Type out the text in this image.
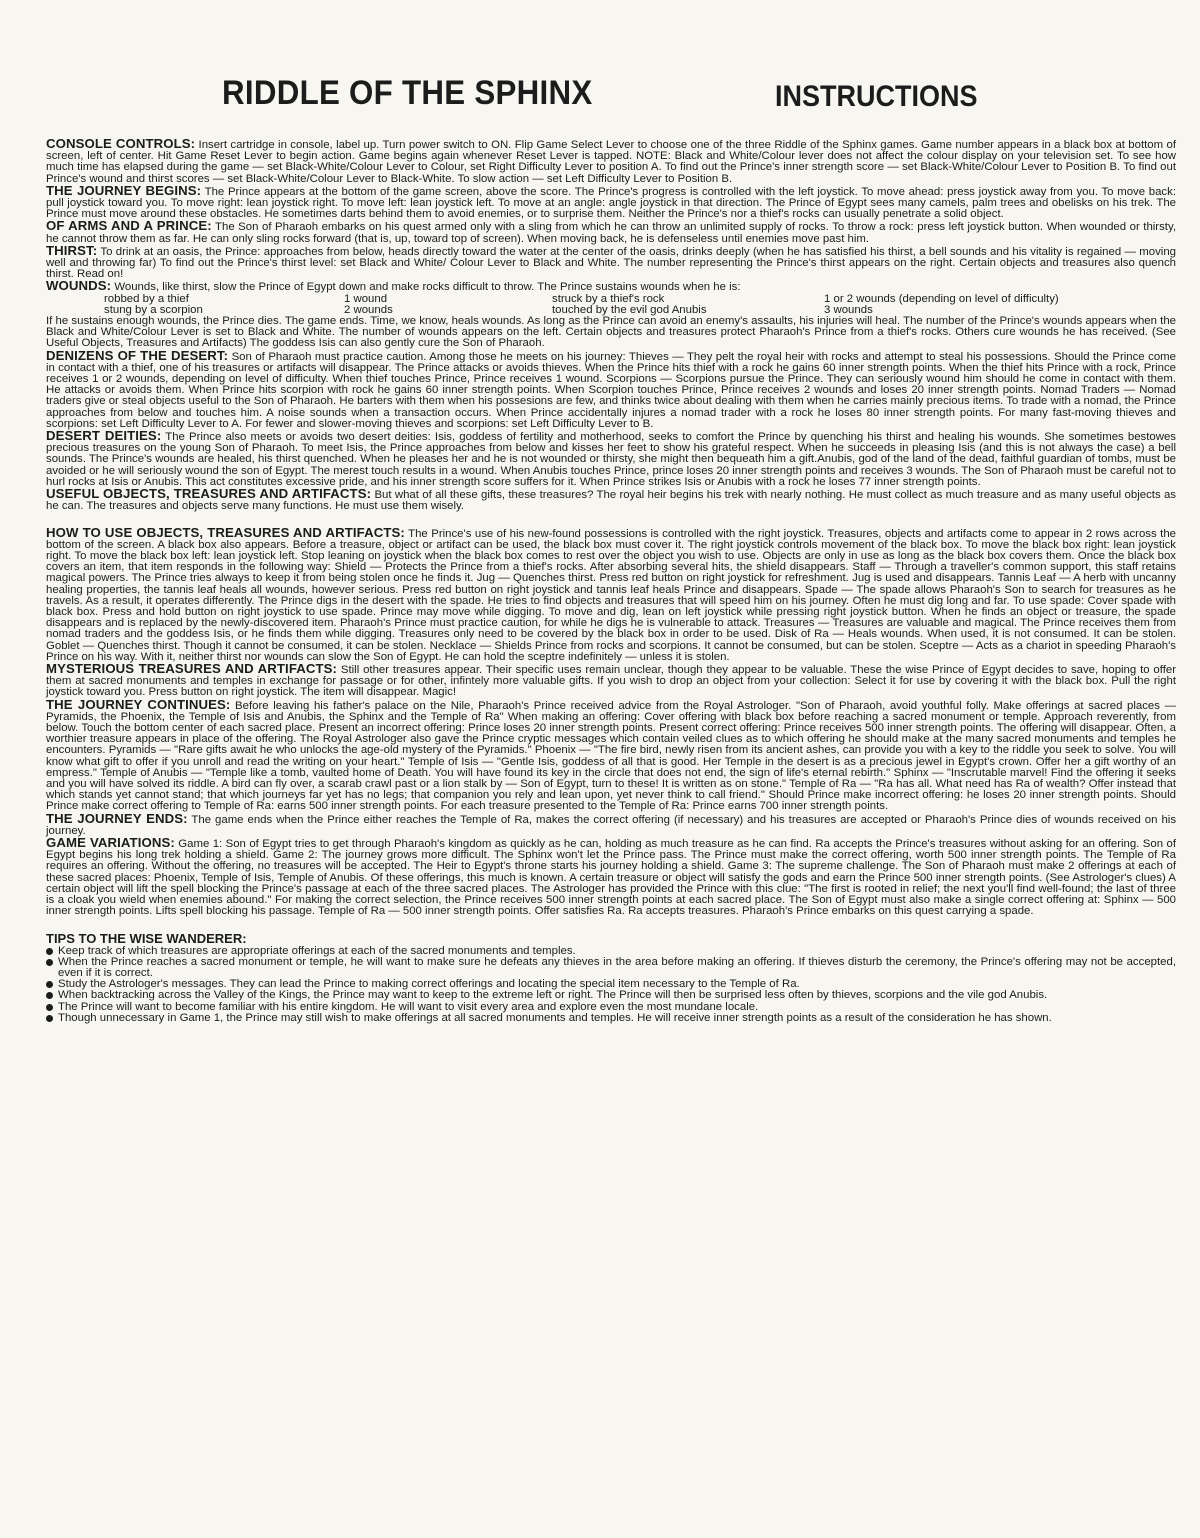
RIDDLE OF THE SPHINX	INSTRUCTIONS

CONSOLE CONTROLS: Insert cartridge in console, label up. Turn power switch to ON. Flip Game Select Lever to choose one of the three Riddle of the Sphinx games. Game number appears in a black box at bottom of screen, left of center. Hit Game Reset Lever to begin action. Game begins again whenever Reset Lever is tapped. NOTE: Black and White/Colour lever does not affect the colour display on your television set. To see how much time has elapsed during the game — set Black-White/Colour Lever to Colour, set Right Difficulty Lever to position A. To find out the Prince's inner strength score — set Black-White/Colour Lever to Position B. To find out Prince's wound and thirst scores — set Black-White/Colour Lever to Black-White. To slow action — set Left Difficulty Lever to Position B.

THE JOURNEY BEGINS: The Prince appears at the bottom of the game screen, above the score. The Prince's progress is controlled with the left joystick. To move ahead: press joystick away from you. To move back: pull joystick toward you. To move right: lean joystick right. To move left: lean joystick left. To move at an angle: angle joystick in that direction. The Prince of Egypt sees many camels, palm trees and obelisks on his trek. The Prince must move around these obstacles. He sometimes darts behind them to avoid enemies, or to surprise them. Neither the Prince's nor a thief's rocks can usually penetrate a solid object.

OF ARMS AND A PRINCE: The Son of Pharaoh embarks on his quest armed only with a sling from which he can throw an unlimited supply of rocks. To throw a rock: press left joystick button. When wounded or thirsty, he cannot throw them as far. He can only sling rocks forward (that is, up, toward top of screen). When moving back, he is defenseless until enemies move past him.

THIRST: To drink at an oasis, the Prince: approaches from below, heads directly toward the water at the center of the oasis, drinks deeply (when he has satisfied his thirst, a bell sounds and his vitality is regained — moving well and throwing far) To find out the Prince's thirst level: set Black and White/ Colour Lever to Black and White. The number representing the Prince's thirst appears on the right. Certain objects and treasures also quench thirst. Read on!

WOUNDS: Wounds, like thirst, slow the Prince of Egypt down and make rocks difficult to throw. The Prince sustains wounds when he is:

robbed by a thief	1 wound	struck by a thief's rock	1 or 2 wounds (depending on level of difficulty)
stung by a scorpion	2 wounds	touched by the evil god Anubis	3 wounds

If he sustains enough wounds, the Prince dies. The game ends. Time, we know, heals wounds. As long as the Prince can avoid an enemy's assaults, his injuries will heal. The number of the Prince's wounds appears when the Black and White/Colour Lever is set to Black and White. The number of wounds appears on the left. Certain objects and treasures protect Pharaoh's Prince from a thief's rocks. Others cure wounds he has received. (See Useful Objects, Treasures and Artifacts) The goddess Isis can also gently cure the Son of Pharaoh.

DENIZENS OF THE DESERT: Son of Pharaoh must practice caution. Among those he meets on his journey: Thieves — They pelt the royal heir with rocks and attempt to steal his possessions. Should the Prince come in contact with a thief, one of his treasures or artifacts will disappear. The Prince attacks or avoids thieves. When the Prince hits thief with a rock he gains 60 inner strength points. When the thief hits Prince with a rock, Prince receives 1 or 2 wounds, depending on level of difficulty. When thief touches Prince, Prince receives 1 wound. Scorpions — Scorpions pursue the Prince. They can seriously wound him should he come in contact with them. He attacks or avoids them. When Prince hits scorpion with rock he gains 60 inner strength points. When Scorpion touches Prince, Prince receives 2 wounds and loses 20 inner strength points. Nomad Traders — Nomad traders give or steal objects useful to the Son of Pharaoh. He barters with them when his possesions are few, and thinks twice about dealing with them when he carries mainly precious items. To trade with a nomad, the Prince approaches from below and touches him. A noise sounds when a transaction occurs. When Prince accidentally injures a nomad trader with a rock he loses 80 inner strength points. For many fast-moving thieves and scorpions: set Left Difficulty Lever to A. For fewer and slower-moving thieves and scorpions: set Left Difficulty Lever to B.

DESERT DEITIES: The Prince also meets or avoids two desert deities: Isis, goddess of fertility and motherhood, seeks to comfort the Prince by quenching his thirst and healing his wounds. She sometimes bestowes precious treasures on the young Son of Pharaoh. To meet Isis, the Prince approaches from below and kisses her feet to show his grateful respect. When he succeeds in pleasing Isis (and this is not always the case) a bell sounds. The Prince's wounds are healed, his thirst quenched. When he pleases her and he is not wounded or thirsty, she might then bequeath him a gift.Anubis, god of the land of the dead, faithful guardian of tombs, must be avoided or he will seriously wound the son of Egypt. The merest touch results in a wound. When Anubis touches Prince, prince loses 20 inner strength points and receives 3 wounds. The Son of Pharaoh must be careful not to hurl rocks at Isis or Anubis. This act constitutes excessive pride, and his inner strength score suffers for it. When Prince strikes Isis or Anubis with a rock he loses 77 inner strength points.

USEFUL OBJECTS, TREASURES AND ARTIFACTS: But what of all these gifts, these treasures? The royal heir begins his trek with nearly nothing. He must collect as much treasure and as many useful objects as he can. The treasures and objects serve many functions. He must use them wisely.

HOW TO USE OBJECTS, TREASURES AND ARTIFACTS: The Prince's use of his new-found possessions is controlled with the right joystick. Treasures, objects and artifacts come to appear in 2 rows across the bottom of the screen. A black box also appears. Before a treasure, object or artifact can be used, the black box must cover it. The right joystick controls movement of the black box. To move the black box right: lean joystick right. To move the black box left: lean joystick left. Stop leaning on joystick when the black box comes to rest over the object you wish to use. Objects are only in use as long as the black box covers them. Once the black box covers an item, that item responds in the following way: Shield — Protects the Prince from a thief's rocks. After absorbing several hits, the shield disappears. Staff — Through a traveller's common support, this staff retains magical powers. The Prince tries always to keep it from being stolen once he finds it. Jug — Quenches thirst. Press red button on right joystick for refreshment. Jug is used and disappears. Tannis Leaf — A herb with uncanny healing properties, the tannis leaf heals all wounds, however serious. Press red button on right joystick and tannis leaf heals Prince and disappears. Spade — The spade allows Pharaoh's Son to search for treasures as he travels. As a result, it operates differently. The Prince digs in the desert with the spade. He tries to find objects and treasures that will speed him on his journey. Often he must dig long and far. To use spade: Cover spade with black box. Press and hold button on right joystick to use spade. Prince may move while digging. To move and dig, lean on left joystick while pressing right joystick button. When he finds an object or treasure, the spade disappears and is replaced by the newly-discovered item. Pharaoh's Prince must practice caution, for while he digs he is vulnerable to attack. Treasures — Treasures are valuable and magical. The Prince receives them from nomad traders and the goddess Isis, or he finds them while digging. Treasures only need to be covered by the black box in order to be used. Disk of Ra — Heals wounds. When used, it is not consumed. It can be stolen. Goblet — Quenches thirst. Though it cannot be consumed, it can be stolen. Necklace — Shields Prince from rocks and scorpions. It cannot be consumed, but can be stolen. Sceptre — Acts as a chariot in speeding Pharaoh's Prince on his way. With it, neither thirst nor wounds can slow the Son of Egypt. He can hold the sceptre indefinitely — unless it is stolen.

MYSTERIOUS TREASURES AND ARTIFACTS: Still other treasures appear. Their specific uses remain unclear, though they appear to be valuable. These the wise Prince of Egypt decides to save, hoping to offer them at sacred monuments and temples in exchange for passage or for other, infintely more valuable gifts. If you wish to drop an object from your collection: Select it for use by covering it with the black box. Pull the right joystick toward you. Press button on right joystick. The item will disappear. Magic!

THE JOURNEY CONTINUES: Before leaving his father's palace on the Nile, Pharaoh's Prince received advice from the Royal Astrologer. "Son of Pharaoh, avoid youthful folly. Make offerings at sacred places — Pyramids, the Phoenix, the Temple of Isis and Anubis, the Sphinx and the Temple of Ra" When making an offering: Cover offering with black box before reaching a sacred monument or temple. Approach reverently, from below. Touch the bottom center of each sacred place. Present an incorrect offering: Prince loses 20 inner strength points. Present correct offering: Prince receives 500 inner strength points. The offering will disappear. Often, a worthier treasure appears in place of the offering. The Royal Astrologer also gave the Prince cryptic messages which contain veiled clues as to which offering he should make at the many sacred monuments and temples he encounters. Pyramids — "Rare gifts await he who unlocks the age-old mystery of the Pyramids." Phoenix — "The fire bird, newly risen from its ancient ashes, can provide you with a key to the riddle you seek to solve. You will know what gift to offer if you unroll and read the writing on your heart." Temple of Isis — "Gentle Isis, goddess of all that is good. Her Temple in the desert is as a precious jewel in Egypt's crown. Offer her a gift worthy of an empress." Temple of Anubis — "Temple like a tomb, vaulted home of Death. You will have found its key in the circle that does not end, the sign of life's eternal rebirth." Sphinx — "Inscrutable marvel! Find the offering it seeks and you will have solved its riddle. A bird can fly over, a scarab crawl past or a lion stalk by — Son of Egypt, turn to these! It is written as on stone." Temple of Ra — "Ra has all. What need has Ra of wealth? Offer instead that which stands yet cannot stand; that which journeys far yet has no legs; that companion you rely and lean upon, yet never think to call friend." Should Prince make incorrect offering: he loses 20 inner strength points. Should Prince make correct offering to Temple of Ra: earns 500 inner strength points. For each treasure presented to the Temple of Ra: Prince earns 700 inner strength points.

THE JOURNEY ENDS: The game ends when the Prince either reaches the Temple of Ra, makes the correct offering (if necessary) and his treasures are accepted or Pharaoh's Prince dies of wounds received on his journey.

GAME VARIATIONS: Game 1: Son of Egypt tries to get through Pharaoh's kingdom as quickly as he can, holding as much treasure as he can find. Ra accepts the Prince's treasures without asking for an offering. Son of Egypt begins his long trek holding a shield. Game 2: The journey grows more difficult. The Sphinx won't let the Prince pass. The Prince must make the correct offering, worth 500 inner strength points. The Temple of Ra requires an offering. Without the offering, no treasures will be accepted. The Heir to Egypt's throne starts his journey holding a shield. Game 3: The supreme challenge. The Son of Pharaoh must make 2 offerings at each of these sacred places: Phoenix, Temple of Isis, Temple of Anubis. Of these offerings, this much is known. A certain treasure or object will satisfy the gods and earn the Prince 500 inner strength points. (See Astrologer's clues) A certain object will lift the spell blocking the Prince's passage at each of the three sacred places. The Astrologer has provided the Prince with this clue: "The first is rooted in relief; the next you'll find well-found; the last of three is a cloak you wield when enemies abound." For making the correct selection, the Prince receives 500 inner strength points at each sacred place. The Son of Egypt must also make a single correct offering at: Sphinx — 500 inner strength points. Lifts spell blocking his passage. Temple of Ra — 500 inner strength points. Offer satisfies Ra. Ra accepts treasures. Pharaoh's Prince embarks on this quest carrying a spade.

TIPS TO THE WISE WANDERER:
Keep track of which treasures are appropriate offerings at each of the sacred monuments and temples.
When the Prince reaches a sacred monument or temple, he will want to make sure he defeats any thieves in the area before making an offering. If thieves disturb the ceremony, the Prince's offering may not be accepted, even if it is correct.
Study the Astrologer's messages. They can lead the Prince to making correct offerings and locating the special item necessary to the Temple of Ra.
When backtracking across the Valley of the Kings, the Prince may want to keep to the extreme left or right. The Prince will then be surprised less often by thieves, scorpions and the vile god Anubis.
The Prince will want to become familiar with his entire kingdom. He will want to visit every area and explore even the most mundane locale.
Though unnecessary in Game 1, the Prince may still wish to make offerings at all sacred monuments and temples. He will receive inner strength points as a result of the consideration he has shown.
